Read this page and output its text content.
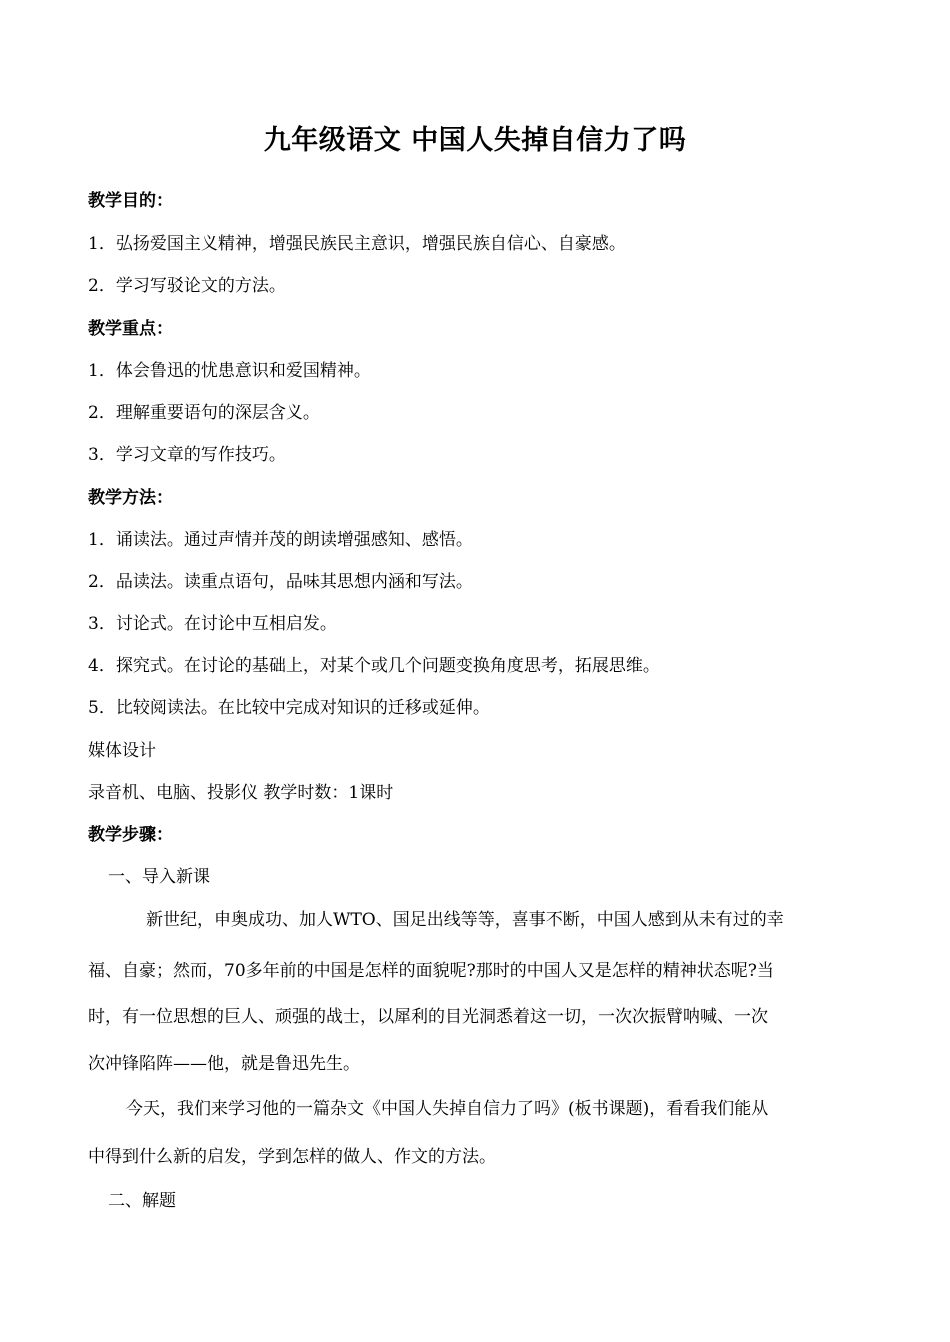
九年级语文 中国人失掉自信力了吗
教学目的：
1．弘扬爱国主义精神，增强民族民主意识，增强民族自信心、自豪感。
2．学习写驳论文的方法。
教学重点：
1．体会鲁迅的忧患意识和爱国精神。
2．理解重要语句的深层含义。
3．学习文章的写作技巧。
教学方法：
1．诵读法。通过声情并茂的朗读增强感知、感悟。
2．品读法。读重点语句，品味其思想内涵和写法。
3．讨论式。在讨论中互相启发。
4．探究式。在讨论的基础上，对某个或几个问题变换角度思考，拓展思维。
5．比较阅读法。在比较中完成对知识的迁移或延伸。
媒体设计
录音机、电脑、投影仪 教学时数：1课时
教学步骤：
一、导入新课
新世纪，申奥成功、加人WTO、国足出线等等，喜事不断，中国人感到从未有过的幸
福、自豪；然而，70多年前的中国是怎样的面貌呢?那时的中国人又是怎样的精神状态呢?当
时，有一位思想的巨人、顽强的战士，以犀利的目光洞悉着这一切，一次次振臂呐喊、一次
次冲锋陷阵——他，就是鲁迅先生。
今天，我们来学习他的一篇杂文《中国人失掉自信力了吗》(板书课题)，看看我们能从
中得到什么新的启发，学到怎样的做人、作文的方法。
二、解题
